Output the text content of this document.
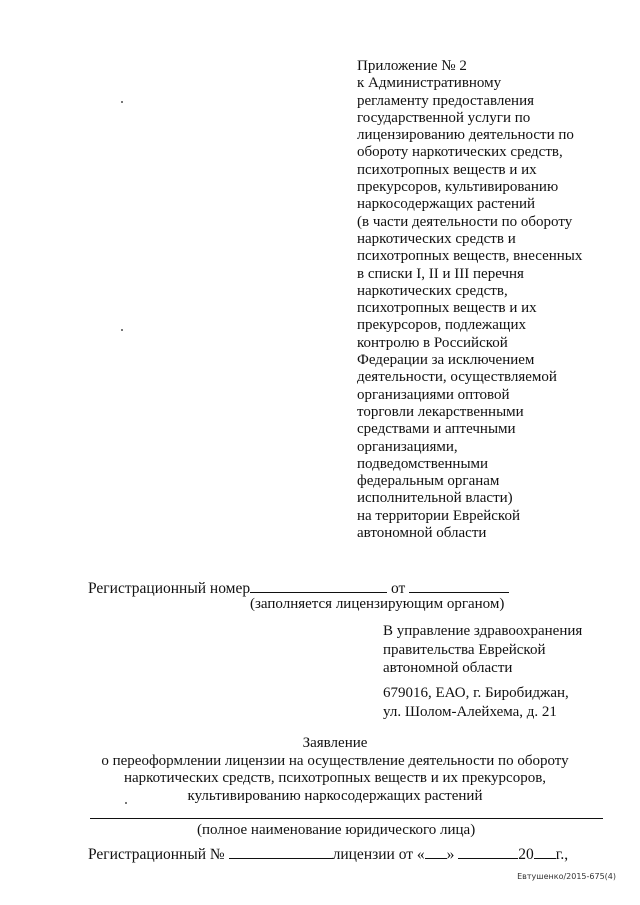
Приложение № 2
к Административному
регламенту предоставления
государственной услуги по
лицензированию деятельности по
обороту наркотических средств,
психотропных веществ и их
прекурсоров, культивированию
наркосодержащих растений
(в части деятельности по обороту
наркотических средств и
психотропных веществ, внесенных
в списки I, II и III перечня
наркотических средств,
психотропных веществ и их
прекурсоров, подлежащих
контролю в Российской
Федерации за исключением
деятельности, осуществляемой
организациями оптовой
торговли лекарственными
средствами и аптечными
организациями,
подведомственными
федеральным органам
исполнительной власти)
на территории Еврейской
автономной области
Регистрационный номер	от
(заполняется лицензирующим органом)
В управление здравоохранения
правительства Еврейской
автономной области
679016, ЕАО, г. Биробиджан,
ул. Шолом-Алейхема, д. 21
Заявление
о переоформлении лицензии на осуществление деятельности по обороту
наркотических средств, психотропных веществ и их прекурсоров,
культивированию наркосодержащих растений
(полное наименование юридического лица)
Регистрационный №	лицензии от « »	20 г.,
Евтушенко/2015-675(4)
